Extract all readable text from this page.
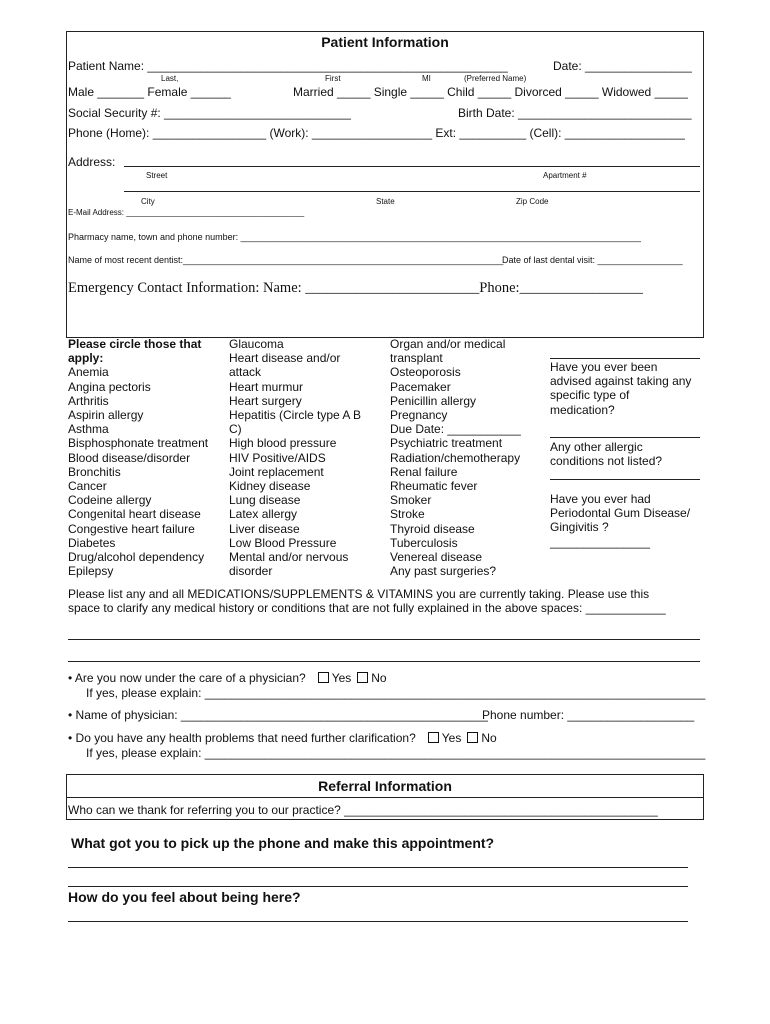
Patient Information
Patient Name: ______________________________________________________	Date: ________________
Last,	First	MI	(Preferred Name)
Male _______ Female ______	Married _____ Single _____ Child _____ Divorced _____ Widowed _____
Social Security #: ____________________________	Birth Date: __________________________
Phone (Home): _________________ (Work): __________________ Ext: __________ (Cell): __________________
Address:
Street	Apartment #
City	State	Zip Code
E-Mail Address: ________________________________________
Pharmacy name, town and phone number: ________________________________________________________________________________
Name of most recent dentist:________________________________________________________________
Date of last dental visit: _________________
Emergency Contact Information: Name: ________________________Phone:_________________
Please circle those that
apply:
Anemia
Angina pectoris
Arthritis
Aspirin allergy
Asthma
Bisphosphonate treatment
Blood disease/disorder
Bronchitis
Cancer
Codeine allergy
Congenital heart disease
Congestive heart failure
Diabetes
Drug/alcohol dependency
Epilepsy
Glaucoma
Heart disease and/or
attack
Heart murmur
Heart surgery
Hepatitis (Circle type A B
C)
High blood pressure
HIV Positive/AIDS
Joint replacement
Kidney disease
Lung disease
Latex allergy
Liver disease
Low Blood Pressure
Mental and/or nervous
disorder
Organ and/or medical
transplant
Osteoporosis
Pacemaker
Penicillin allergy
Pregnancy
Due Date: ___________
Psychiatric treatment
Radiation/chemotherapy
Renal failure
Rheumatic fever
Smoker
Stroke
Thyroid disease
Tuberculosis
Venereal disease
Any past surgeries?
Have you ever been
advised against taking any
specific type of
medication?
Any other allergic
conditions not listed?
Have you ever had
Periodontal Gum Disease/
Gingivitis ?
_______________
Please list any and all MEDICATIONS/SUPPLEMENTS & VITAMINS you are currently taking. Please use this
space to clarify any medical history or conditions that are not fully explained in the above spaces: ____________
• Are you now under the care of a physician? Yes No
If yes, please explain: ___________________________________________________________________________
• Name of physician: ______________________________________________
Phone number: ___________________
• Do you have any health problems that need further clarification? Yes No
If yes, please explain: ___________________________________________________________________________
Referral Information
Who can we thank for referring you to our practice? _______________________________________________
What got you to pick up the phone and make this appointment?
How do you feel about being here?
